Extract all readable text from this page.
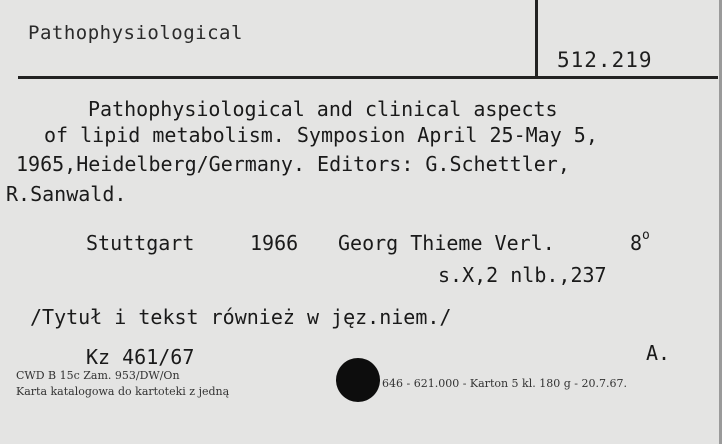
Pathophysiological
512.219
Pathophysiological and clinical aspects
of lipid metabolism. Symposion April 25-May 5,
1965,Heidelberg/Germany. Editors: G.Schettler,
R.Sanwald.
Stuttgart	1966 Georg Thieme Verl.	8$^o$
s.X,2 nlb.,237
/Tytuł i tekst również w jęz.niem./
Kz 461/67	A.
CWD B 15c Zam. 953/DW/On
Karta katalogowa do kartoteki z jedną
646 - 621.000 - Karton 5 kl. 180 g - 20.7.67.
